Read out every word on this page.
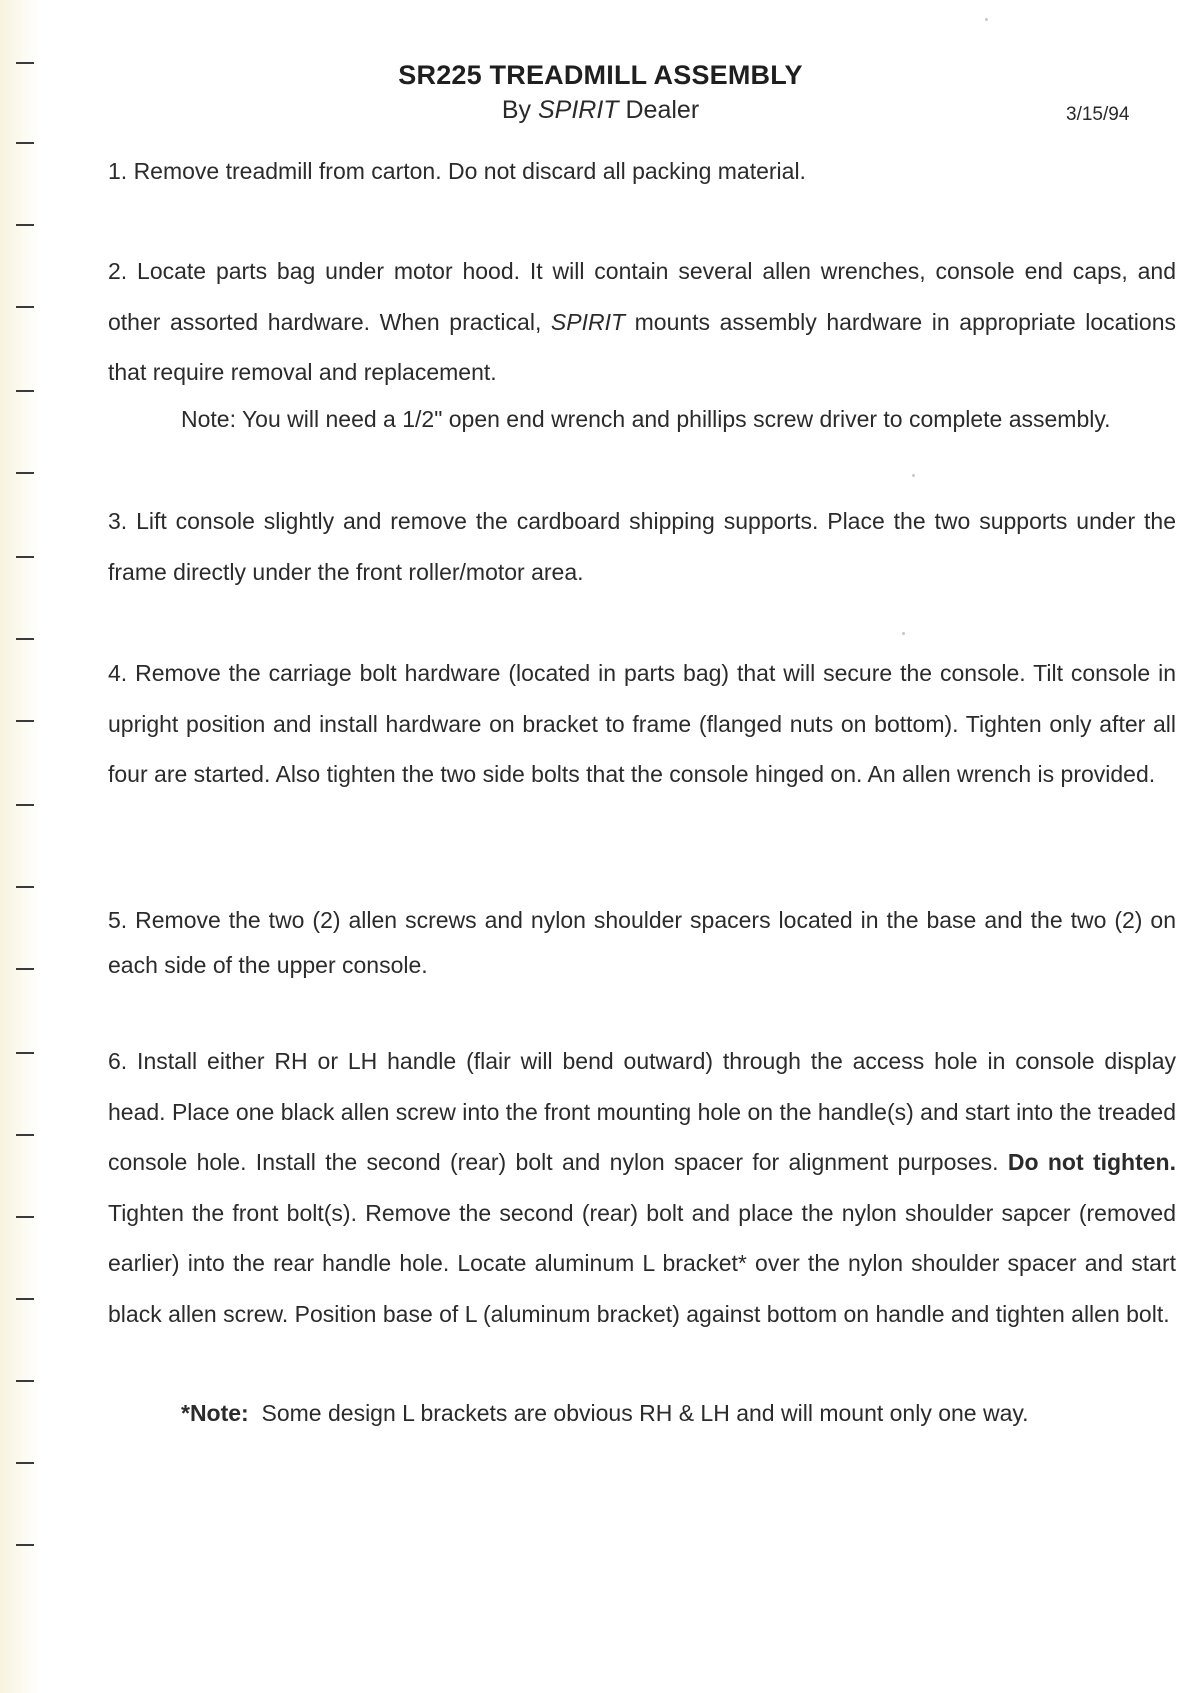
SR225 TREADMILL ASSEMBLY
By SPIRIT Dealer	3/15/94
1. Remove treadmill from carton. Do not discard all packing material.
2. Locate parts bag under motor hood. It will contain several allen wrenches, console end caps, and other assorted hardware. When practical, SPIRIT mounts assembly hardware in appropriate locations that require removal and replacement.
Note: You will need a 1/2" open end wrench and phillips screw driver to complete assembly.
3. Lift console slightly and remove the cardboard shipping supports. Place the two supports under the frame directly under the front roller/motor area.
4. Remove the carriage bolt hardware (located in parts bag) that will secure the console. Tilt console in upright position and install hardware on bracket to frame (flanged nuts on bottom). Tighten only after all four are started. Also tighten the two side bolts that the console hinged on. An allen wrench is provided.
5. Remove the two (2) allen screws and nylon shoulder spacers located in the base and the two (2) on each side of the upper console.
6. Install either RH or LH handle (flair will bend outward) through the access hole in console display head. Place one black allen screw into the front mounting hole on the handle(s) and start into the treaded console hole. Install the second (rear) bolt and nylon spacer for alignment purposes. Do not tighten. Tighten the front bolt(s). Remove the second (rear) bolt and place the nylon shoulder sapcer (removed earlier) into the rear handle hole. Locate aluminum L bracket* over the nylon shoulder spacer and start black allen screw. Position base of L (aluminum bracket) against bottom on handle and tighten allen bolt.
*Note:  Some design L brackets are obvious RH & LH and will mount only one way.
